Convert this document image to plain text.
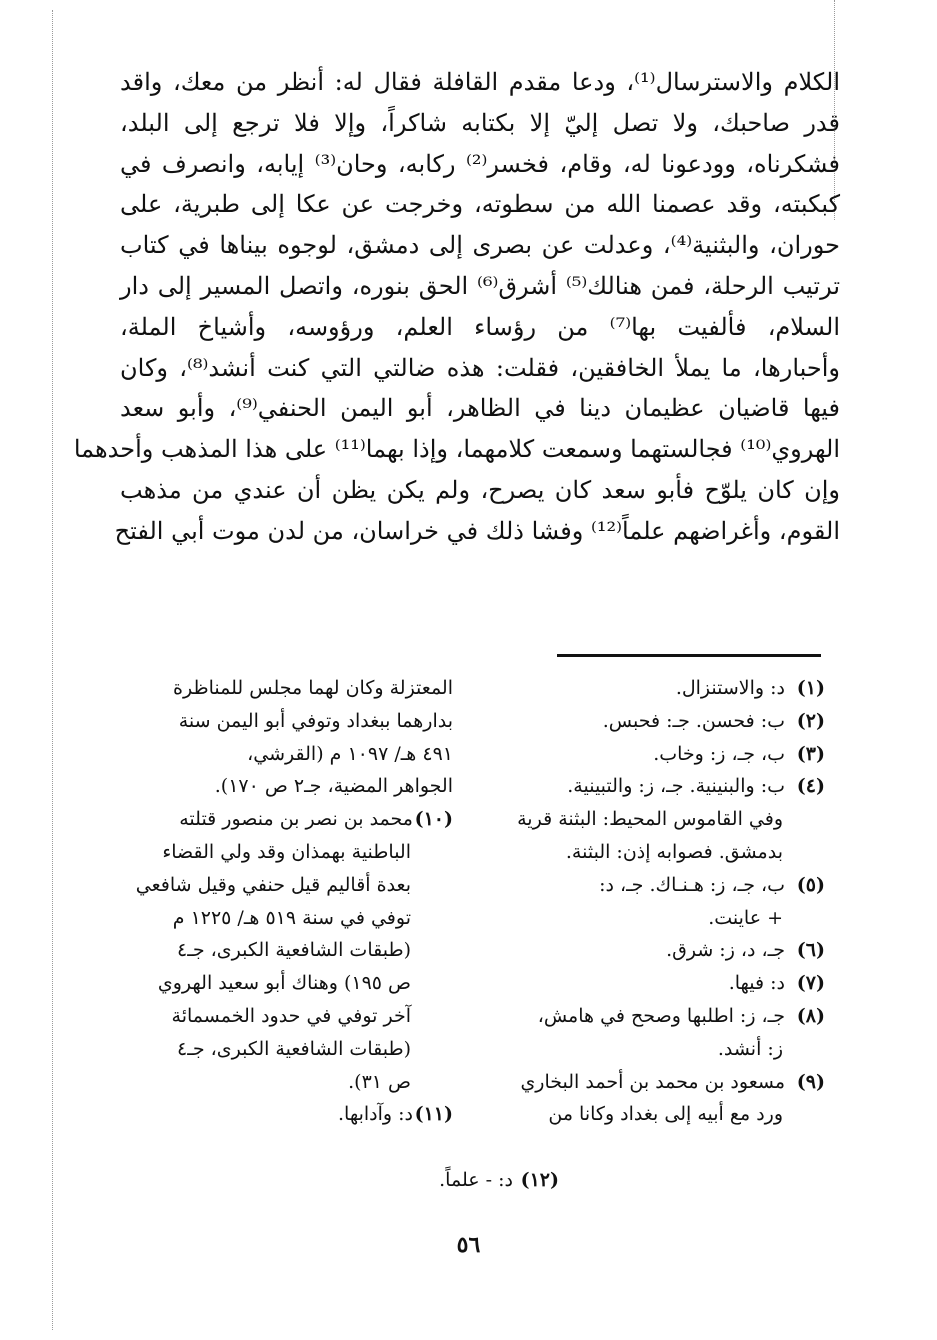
الكلام والاسترسال⁽¹⁾، ودعا مقدم القافلة فقال له: أنظر من معك، واقد
قدر صاحبك، ولا تصل إليّ إلا بكتابه شاكراً، وإلا فلا ترجع إلى البلد،
فشكرناه، وودعونا له، وقام، فخسر⁽²⁾ ركابه، وحان⁽³⁾ إيابه، وانصرف في
كبكبته، وقد عصمنا الله من سطوته، وخرجت عن عكا إلى طبرية، على
حوران، والبثنية⁽⁴⁾، وعدلت عن بصرى إلى دمشق، لوجوه بيناها في كتاب
ترتيب الرحلة، فمن هنالك⁽⁵⁾ أشرق⁽⁶⁾ الحق بنوره، واتصل المسير إلى دار
السلام، فألفيت بها⁽⁷⁾ من رؤساء العلم، ورؤوسه، وأشياخ الملة،
وأحبارها، ما يملأ الخافقين، فقلت: هذه ضالتي التي كنت أنشد⁽⁸⁾، وكان
فيها قاضيان عظيمان دينا في الظاهر، أبو اليمن الحنفي⁽⁹⁾، وأبو سعد
الهروي⁽¹⁰⁾ فجالستهما وسمعت كلامهما، وإذا بهما⁽¹¹⁾ على هذا المذهب وأحدهما
وإن كان يلوّح فأبو سعد كان يصرح، ولم يكن يظن أن عندي من مذهب
القوم، وأغراضهم علماً⁽¹²⁾ وفشا ذلك في خراسان، من لدن موت أبي الفتح
(١)د: والاستنزال.
(٢)ب: فحسن. جـ: فحبس.
(٣)ب، جـ، ز: وخاب.
(٤)ب: والبنينية. جـ، ز: والتبينية.
وفي القاموس المحيط: البثنة قرية
بدمشق. فصوابه إذن: البثنة.
(٥)ب، جـ، ز: هـنـاك. جـ، د:
+ عاينت.
(٦)جـ، د، ز: شرق.
(٧)د: فيها.
(٨)جـ، ز: اطلبها وصحح في هامش،
ز: أنشد.
(٩)مسعود بن محمد بن أحمد البخاري
ورد مع أبيه إلى بغداد وكانا من
المعتزلة وكان لهما مجلس للمناظرة
بدارهما ببغداد وتوفي أبو اليمن سنة
٤٩١ هـ/ ١٠٩٧ م (القرشي،
الجواهر المضية، جـ٢ ص ١٧٠).
(١٠)محمد بن نصر بن منصور قتلته
الباطنية بهمذان وقد ولي القضاء
بعدة أقاليم قيل حنفي وقيل شافعي
توفي في سنة ٥١٩ هـ/ ١٢٢٥ م
(طبقات الشافعية الكبرى، جـ٤
ص ١٩٥) وهناك أبو سعيد الهروي
آخر توفي في حدود الخمسمائة
(طبقات الشافعية الكبرى، جـ٤
ص ٣١).
(١١)د: وآدابها.
(١٢) د: - علماً.
٥٦
